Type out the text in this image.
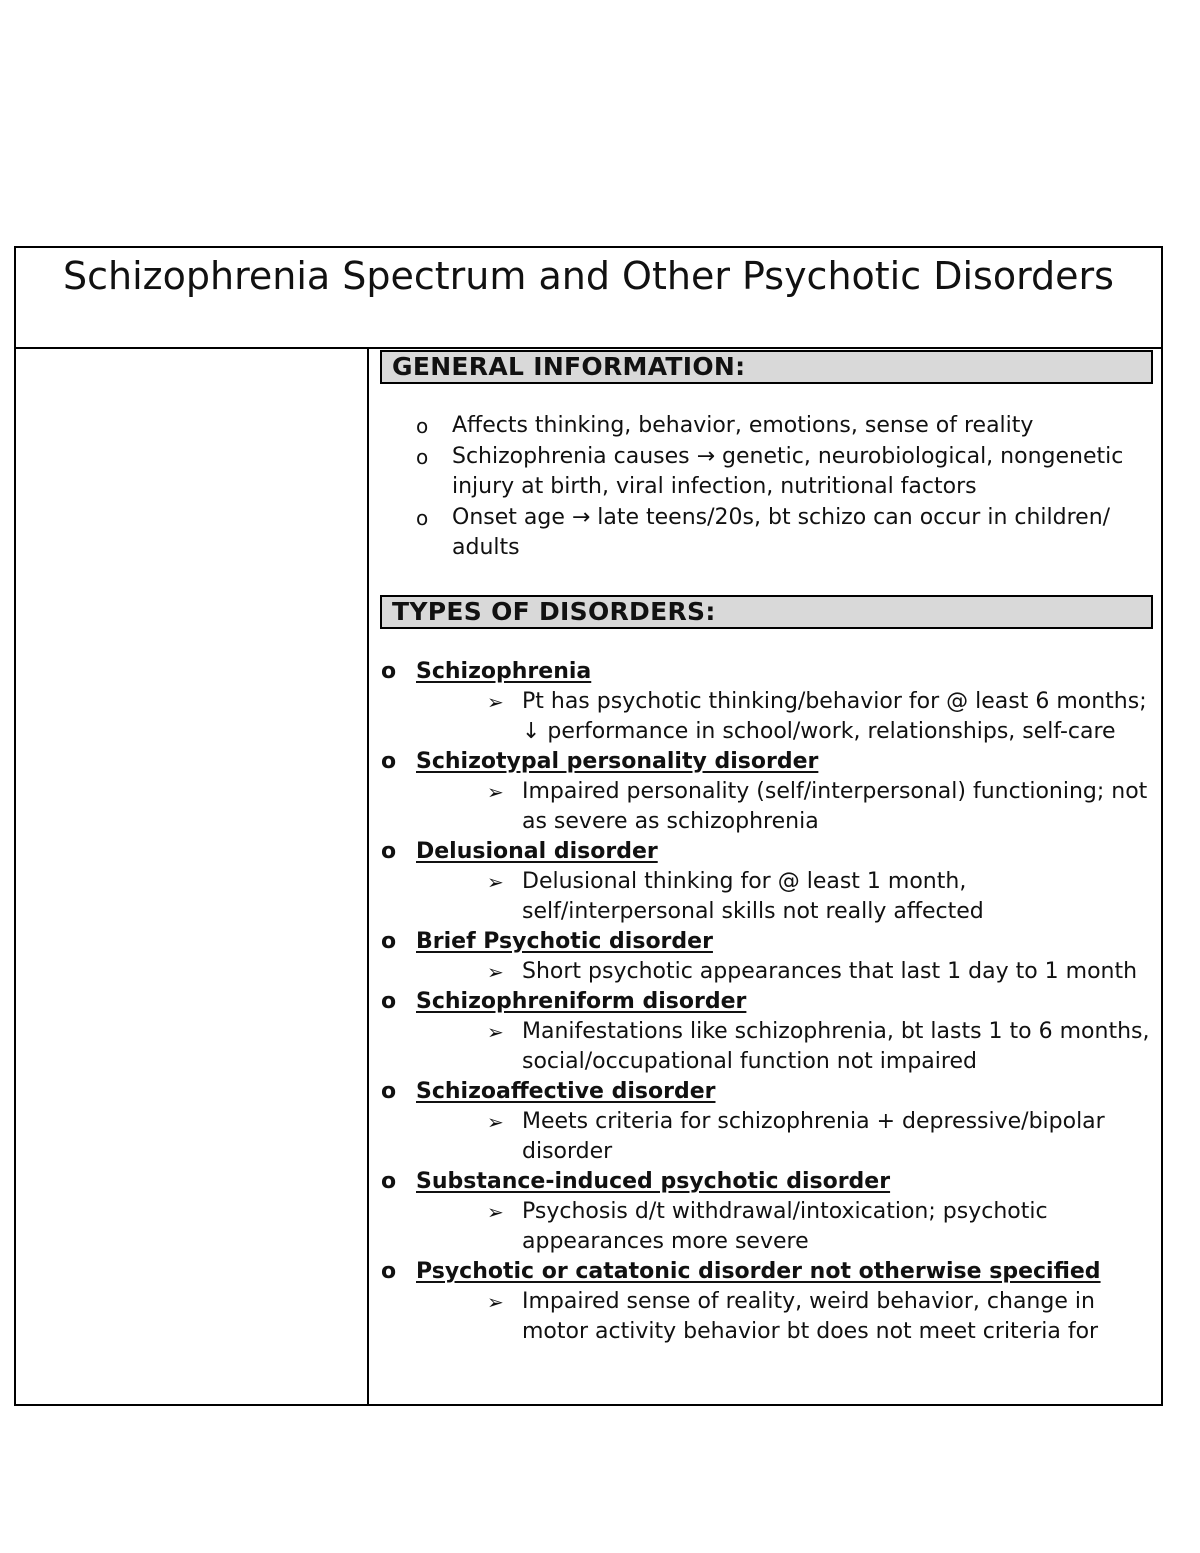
Schizophrenia Spectrum and Other Psychotic Disorders
GENERAL INFORMATION:
o Affects thinking, behavior, emotions, sense of reality
o Schizophrenia causes → genetic, neurobiological, nongenetic injury at birth, viral infection, nutritional factors
o Onset age → late teens/20s, bt schizo can occur in children/ adults
TYPES OF DISORDERS:
o Schizophrenia
➢ Pt has psychotic thinking/behavior for @ least 6 months; ↓ performance in school/work, relationships, self-care
o Schizotypal personality disorder
➢ Impaired personality (self/interpersonal) functioning; not as severe as schizophrenia
o Delusional disorder
➢ Delusional thinking for @ least 1 month, self/interpersonal skills not really affected
o Brief Psychotic disorder
➢ Short psychotic appearances that last 1 day to 1 month
o Schizophreniform disorder
➢ Manifestations like schizophrenia, bt lasts 1 to 6 months, social/occupational function not impaired
o Schizoaffective disorder
➢ Meets criteria for schizophrenia + depressive/bipolar disorder
o Substance-induced psychotic disorder
➢ Psychosis d/t withdrawal/intoxication; psychotic appearances more severe
o Psychotic or catatonic disorder not otherwise specified
➢ Impaired sense of reality, weird behavior, change in motor activity behavior bt does not meet criteria for
